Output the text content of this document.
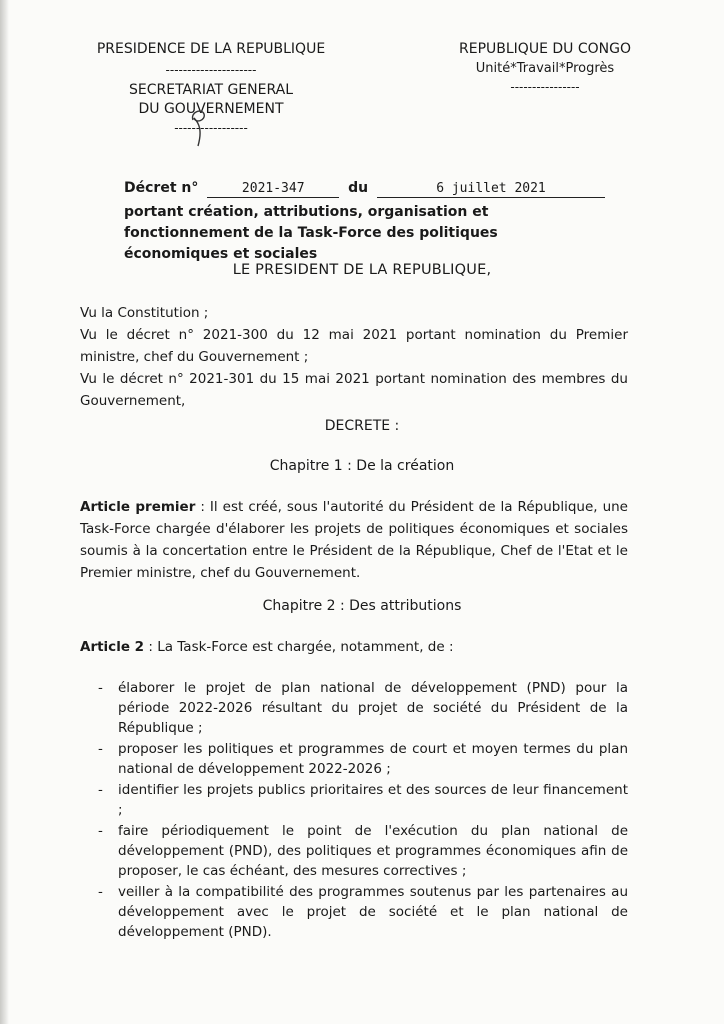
PRESIDENCE DE LA REPUBLIQUE
---------------------
SECRETARIAT GENERAL
DU GOUVERNEMENT
-----------------
REPUBLIQUE DU CONGO
Unité*Travail*Progrès
----------------
Décret n°	2021-347	du	6 juillet 2021
portant création, attributions, organisation et fonctionnement de la Task-Force des politiques économiques et sociales
LE PRESIDENT DE LA REPUBLIQUE,

Vu la Constitution ;

Vu le décret n° 2021-300 du 12 mai 2021 portant nomination du Premier ministre, chef du Gouvernement ;

Vu le décret n° 2021-301 du 15 mai 2021 portant nomination des membres du Gouvernement,

DECRETE :
Chapitre 1 : De la création
Article premier : Il est créé, sous l'autorité du Président de la République, une Task-Force chargée d'élaborer les projets de politiques économiques et sociales soumis à la concertation entre le Président de la République, Chef de l'Etat et le Premier ministre, chef du Gouvernement.
Chapitre 2 : Des attributions
Article 2 : La Task-Force est chargée, notamment, de :
- élaborer le projet de plan national de développement (PND) pour la période 2022-2026 résultant du projet de société du Président de la République ;
- proposer les politiques et programmes de court et moyen termes du plan national de développement 2022-2026 ;
- identifier les projets publics prioritaires et des sources de leur financement ;
- faire périodiquement le point de l'exécution du plan national de développement (PND), des politiques et programmes économiques afin de proposer, le cas échéant, des mesures correctives ;
- veiller à la compatibilité des programmes soutenus par les partenaires au développement avec le projet de société et le plan national de développement (PND).
